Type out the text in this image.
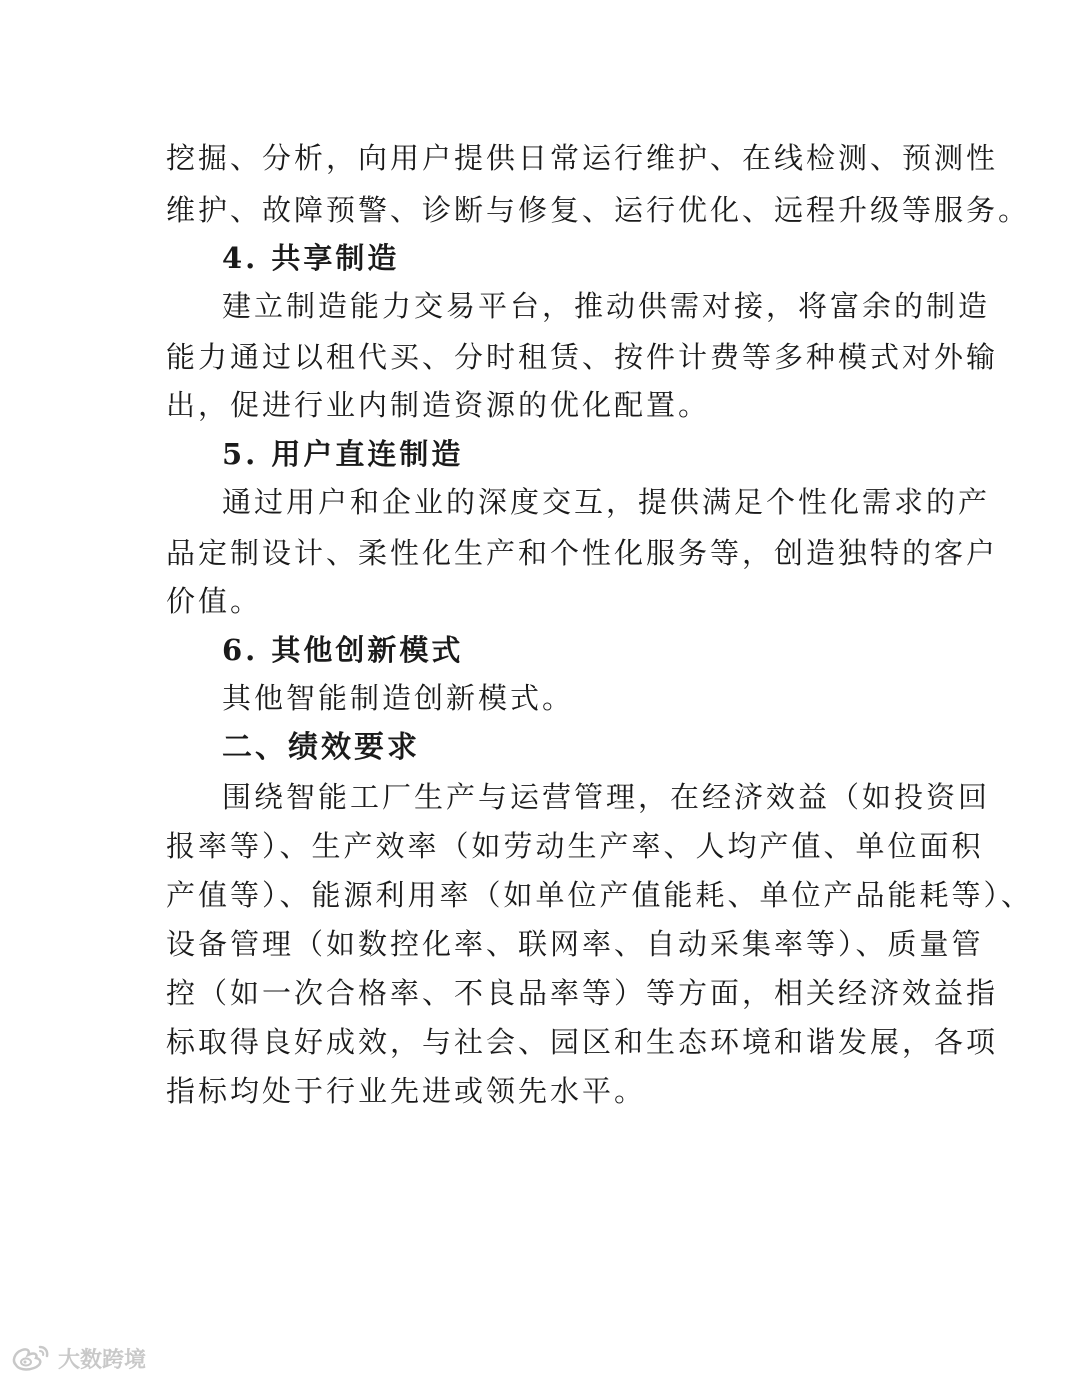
挖掘、分析，向用户提供日常运行维护、在线检测、预测性
维护、故障预警、诊断与修复、运行优化、远程升级等服务。
4. 共享制造
建立制造能力交易平台，推动供需对接，将富余的制造
能力通过以租代买、分时租赁、按件计费等多种模式对外输
出，促进行业内制造资源的优化配置。
5. 用户直连制造
通过用户和企业的深度交互，提供满足个性化需求的产
品定制设计、柔性化生产和个性化服务等，创造独特的客户
价值。
6. 其他创新模式
其他智能制造创新模式。
二、绩效要求
围绕智能工厂生产与运营管理，在经济效益（如投资回
报率等）、生产效率（如劳动生产率、人均产值、单位面积
产值等）、能源利用率（如单位产值能耗、单位产品能耗等）、
设备管理（如数控化率、联网率、自动采集率等）、质量管
控（如一次合格率、不良品率等）等方面，相关经济效益指
标取得良好成效，与社会、园区和生态环境和谐发展，各项
指标均处于行业先进或领先水平。
大数跨境
